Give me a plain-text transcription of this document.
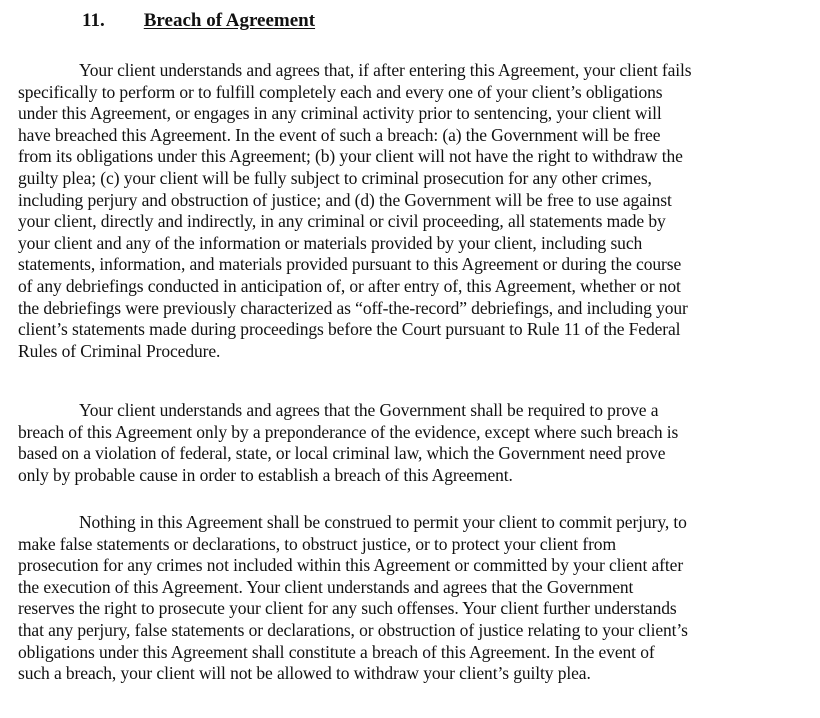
11. Breach of Agreement
Your client understands and agrees that, if after entering this Agreement, your client fails
specifically to perform or to fulfill completely each and every one of your client’s obligations
under this Agreement, or engages in any criminal activity prior to sentencing, your client will
have breached this Agreement. In the event of such a breach: (a) the Government will be free
from its obligations under this Agreement; (b) your client will not have the right to withdraw the
guilty plea; (c) your client will be fully subject to criminal prosecution for any other crimes,
including perjury and obstruction of justice; and (d) the Government will be free to use against
your client, directly and indirectly, in any criminal or civil proceeding, all statements made by
your client and any of the information or materials provided by your client, including such
statements, information, and materials provided pursuant to this Agreement or during the course
of any debriefings conducted in anticipation of, or after entry of, this Agreement, whether or not
the debriefings were previously characterized as “off-the-record” debriefings, and including your
client’s statements made during proceedings before the Court pursuant to Rule 11 of the Federal
Rules of Criminal Procedure.
Your client understands and agrees that the Government shall be required to prove a
breach of this Agreement only by a preponderance of the evidence, except where such breach is
based on a violation of federal, state, or local criminal law, which the Government need prove
only by probable cause in order to establish a breach of this Agreement.
Nothing in this Agreement shall be construed to permit your client to commit perjury, to
make false statements or declarations, to obstruct justice, or to protect your client from
prosecution for any crimes not included within this Agreement or committed by your client after
the execution of this Agreement. Your client understands and agrees that the Government
reserves the right to prosecute your client for any such offenses. Your client further understands
that any perjury, false statements or declarations, or obstruction of justice relating to your client’s
obligations under this Agreement shall constitute a breach of this Agreement. In the event of
such a breach, your client will not be allowed to withdraw your client’s guilty plea.
